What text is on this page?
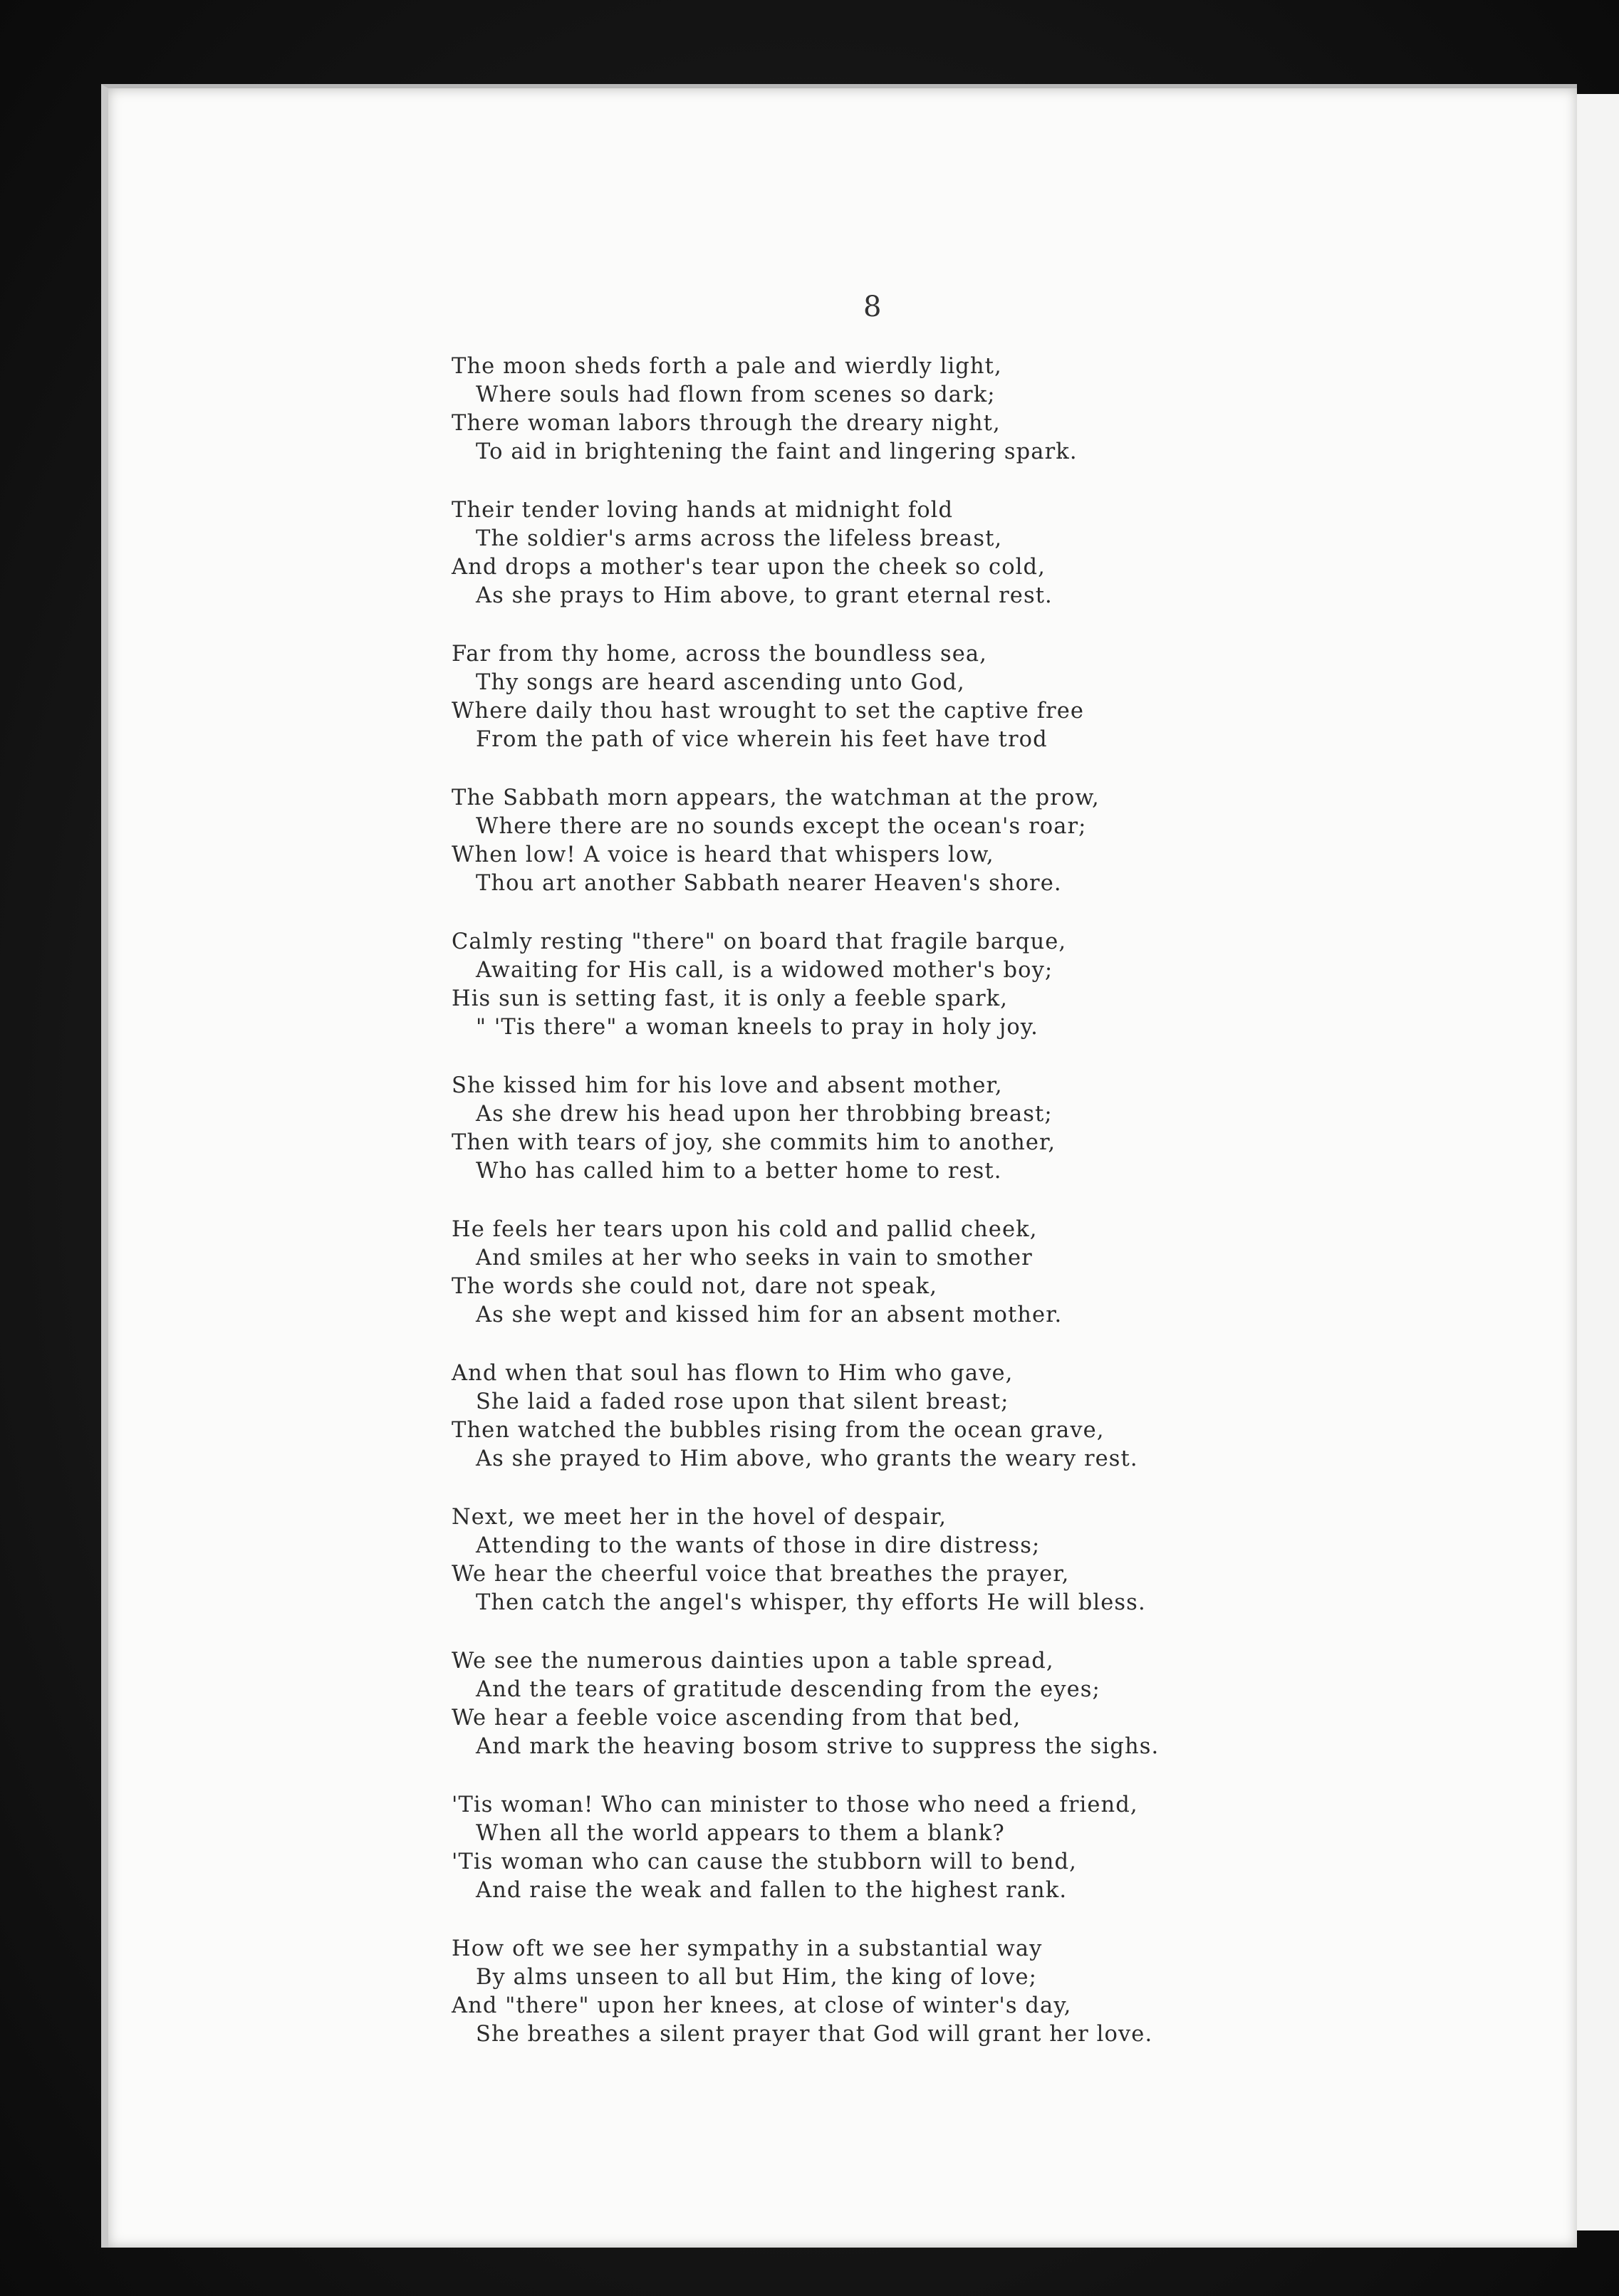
8
The moon sheds forth a pale and wierdly light,
Where souls had flown from scenes so dark;
There woman labors through the dreary night,
To aid in brightening the faint and lingering spark.
Their tender loving hands at midnight fold
The soldier's arms across the lifeless breast,
And drops a mother's tear upon the cheek so cold,
As she prays to Him above, to grant eternal rest.
Far from thy home, across the boundless sea,
Thy songs are heard ascending unto God,
Where daily thou hast wrought to set the captive free
From the path of vice wherein his feet have trod
The Sabbath morn appears, the watchman at the prow,
Where there are no sounds except the ocean's roar;
When low! A voice is heard that whispers low,
Thou art another Sabbath nearer Heaven's shore.
Calmly resting "there" on board that fragile barque,
Awaiting for His call, is a widowed mother's boy;
His sun is setting fast, it is only a feeble spark,
" 'Tis there" a woman kneels to pray in holy joy.
She kissed him for his love and absent mother,
As she drew his head upon her throbbing breast;
Then with tears of joy, she commits him to another,
Who has called him to a better home to rest.
He feels her tears upon his cold and pallid cheek,
And smiles at her who seeks in vain to smother
The words she could not, dare not speak,
As she wept and kissed him for an absent mother.
And when that soul has flown to Him who gave,
She laid a faded rose upon that silent breast;
Then watched the bubbles rising from the ocean grave,
As she prayed to Him above, who grants the weary rest.
Next, we meet her in the hovel of despair,
Attending to the wants of those in dire distress;
We hear the cheerful voice that breathes the prayer,
Then catch the angel's whisper, thy efforts He will bless.
We see the numerous dainties upon a table spread,
And the tears of gratitude descending from the eyes;
We hear a feeble voice ascending from that bed,
And mark the heaving bosom strive to suppress the sighs.
'Tis woman! Who can minister to those who need a friend,
When all the world appears to them a blank?
'Tis woman who can cause the stubborn will to bend,
And raise the weak and fallen to the highest rank.
How oft we see her sympathy in a substantial way
By alms unseen to all but Him, the king of love;
And "there" upon her knees, at close of winter's day,
She breathes a silent prayer that God will grant her love.
